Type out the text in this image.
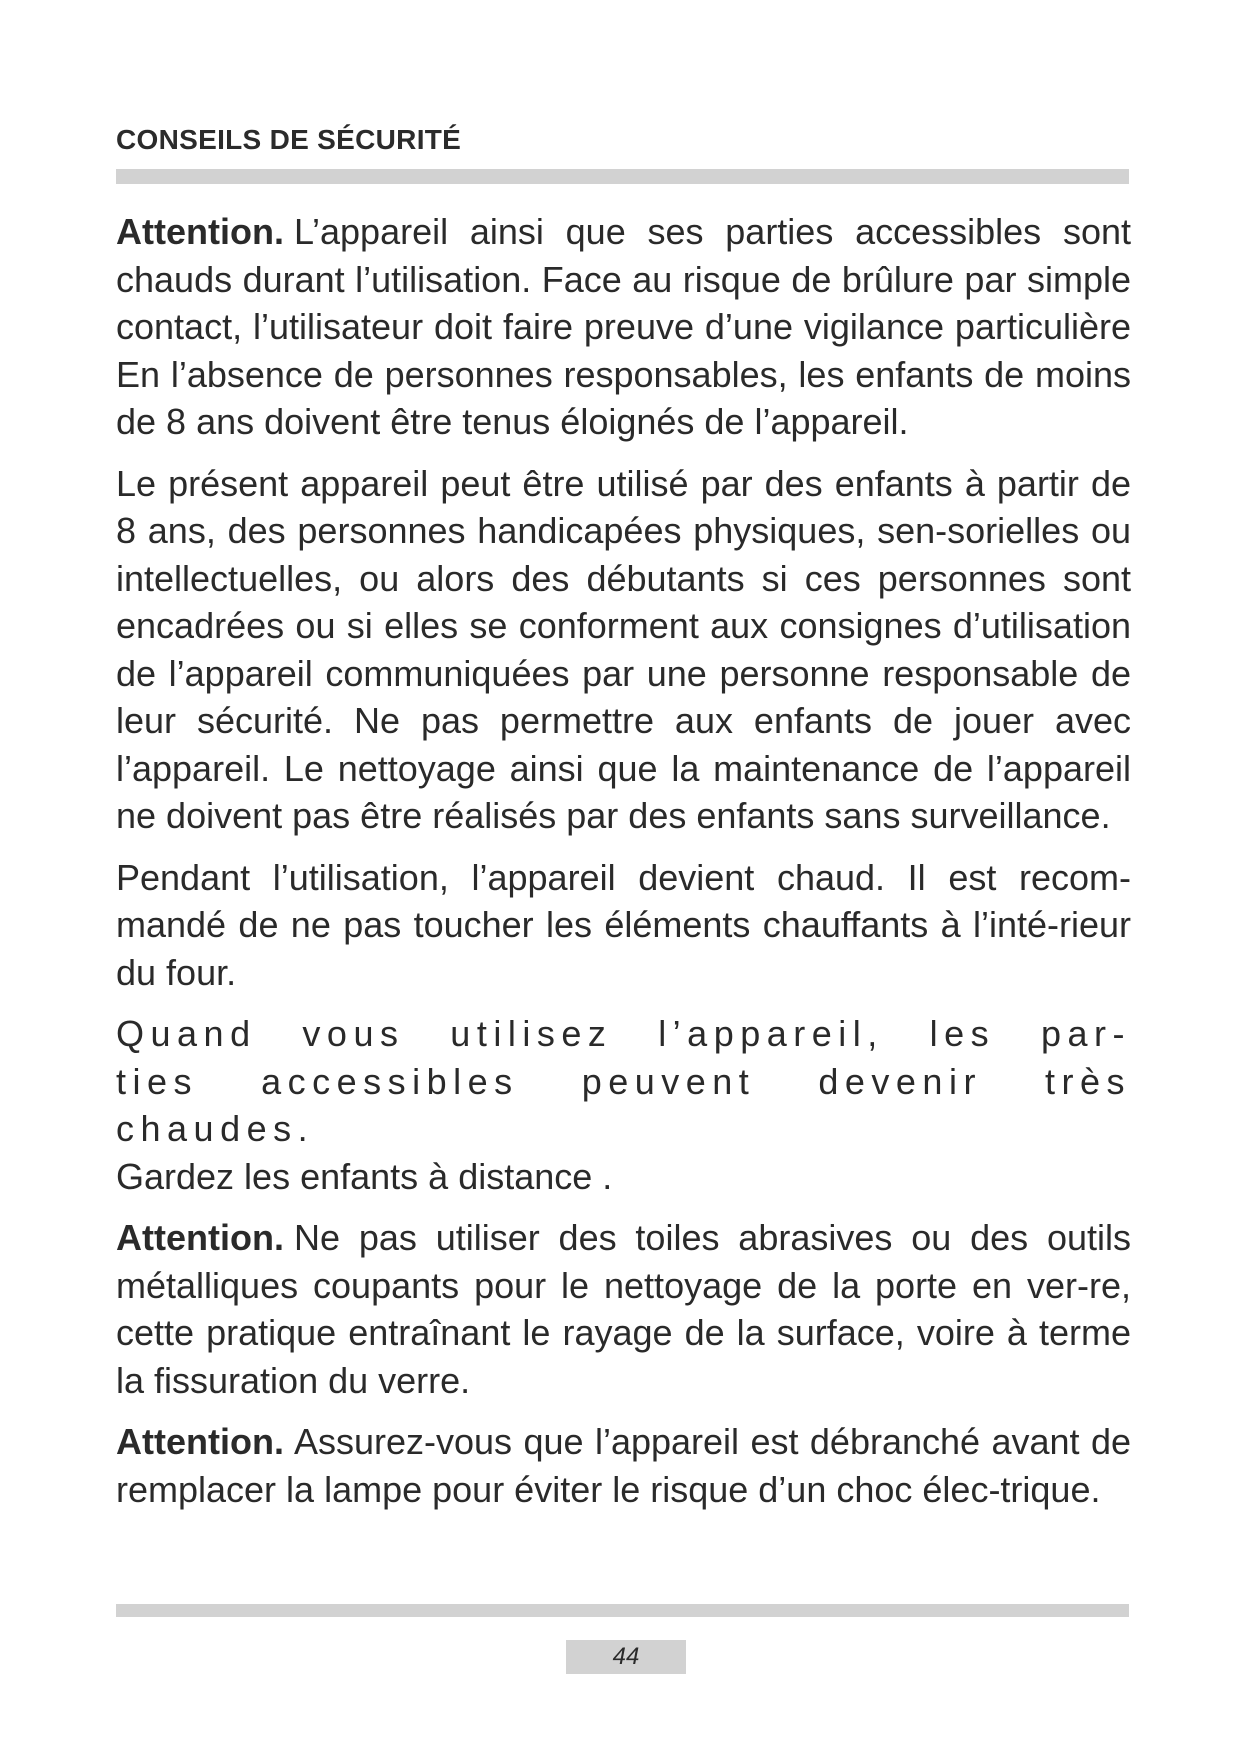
CONSEILS DE SÉCURITÉ

Attention. L’appareil ainsi que ses parties accessibles sont chauds durant l’utilisation. Face au risque de brûlure par simple contact, l’utilisateur doit faire preuve d’une vigilance particulière En l’absence de personnes responsables, les enfants de moins de 8 ans doivent être tenus éloignés de l’appareil.

Le présent appareil peut être utilisé par des enfants à partir de 8 ans, des personnes handicapées physiques, sen-sorielles ou intellectuelles, ou alors des débutants si ces personnes sont encadrées ou si elles se conforment aux consignes d’utilisation de l’appareil communiquées par une personne responsable de leur sécurité. Ne pas permettre aux enfants de jouer avec l’appareil. Le nettoyage ainsi que la maintenance de l’appareil ne doivent pas être réalisés par des enfants sans surveillance.

Pendant l’utilisation, l’appareil devient chaud. Il est recom-mandé de ne pas toucher les éléments chauffants à l’inté-rieur du four.

Quand vous utilisez l’appareil, les par-ties accessibles peuvent devenir très chaudes.
Gardez les enfants à distance .

Attention. Ne pas utiliser des toiles abrasives ou des outils métalliques coupants pour le nettoyage de la porte en ver-re, cette pratique entraînant le rayage de la surface, voire à terme la fissuration du verre.

Attention. Assurez-vous que l’appareil est débranché avant de remplacer la lampe pour éviter le risque d’un choc élec-trique.

44
